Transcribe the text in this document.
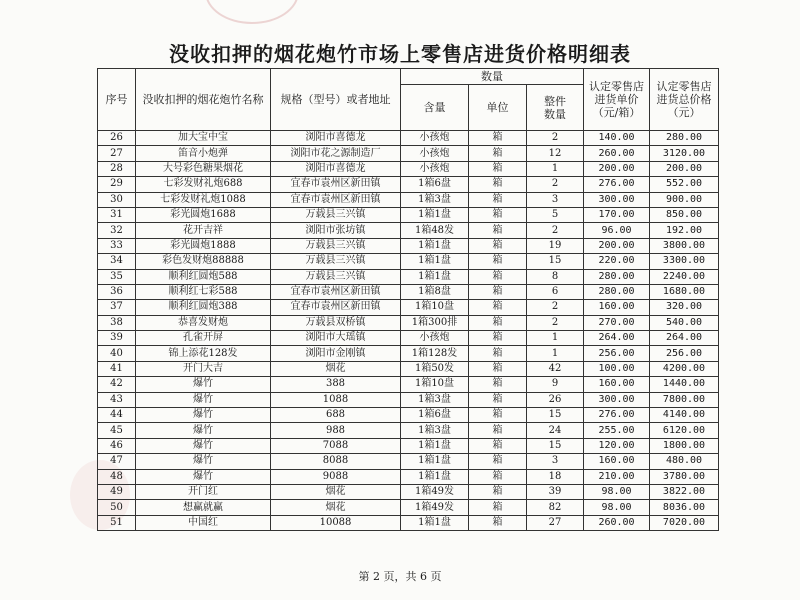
没收扣押的烟花炮竹市场上零售店进货价格明细表
序号	没收扣押的烟花炮竹名称	规格（型号）或者地址	数量			认定零售店进货单价（元/箱）	认定零售店进货总价格（元）
			含量	单位	整件数量		
26	加大宝中宝	浏阳市喜德龙	小孩炮	箱	2	140.00	280.00
27	笛音小炮弹	浏阳市花之源制造厂	小孩炮	箱	12	260.00	3120.00
28	大号彩色糖果烟花	浏阳市喜德龙	小孩炮	箱	1	200.00	200.00
29	七彩发财礼炮688	宜春市袁州区新田镇	1箱6盘	箱	2	276.00	552.00
30	七彩发财礼炮1088	宜春市袁州区新田镇	1箱3盘	箱	3	300.00	900.00
31	彩光圆炮1688	万载县三兴镇	1箱1盘	箱	5	170.00	850.00
32	花开吉祥	浏阳市张坊镇	1箱48发	箱	2	96.00	192.00
33	彩光圆炮1888	万载县三兴镇	1箱1盘	箱	19	200.00	3800.00
34	彩色发财炮88888	万载县三兴镇	1箱1盘	箱	15	220.00	3300.00
35	顺利红圆炮588	万载县三兴镇	1箱1盘	箱	8	280.00	2240.00
36	顺利红七彩588	宜春市袁州区新田镇	1箱8盘	箱	6	280.00	1680.00
37	顺利红圆炮388	宜春市袁州区新田镇	1箱10盘	箱	2	160.00	320.00
38	恭喜发财炮	万载县双桥镇	1箱300排	箱	2	270.00	540.00
39	孔雀开屏	浏阳市大瑶镇	小孩炮	箱	1	264.00	264.00
40	锦上添花128发	浏阳市金刚镇	1箱128发	箱	1	256.00	256.00
41	开门大吉	烟花	1箱50发	箱	42	100.00	4200.00
42	爆竹	388	1箱10盘	箱	9	160.00	1440.00
43	爆竹	1088	1箱3盘	箱	26	300.00	7800.00
44	爆竹	688	1箱6盘	箱	15	276.00	4140.00
45	爆竹	988	1箱3盘	箱	24	255.00	6120.00
46	爆竹	7088	1箱1盘	箱	15	120.00	1800.00
47	爆竹	8088	1箱1盘	箱	3	160.00	480.00
48	爆竹	9088	1箱1盘	箱	18	210.00	3780.00
49	开门红	烟花	1箱49发	箱	39	98.00	3822.00
50	想赢就赢	烟花	1箱49发	箱	82	98.00	8036.00
51	中国红	10088	1箱1盘	箱	27	260.00	7020.00
第 2 页，共 6 页
